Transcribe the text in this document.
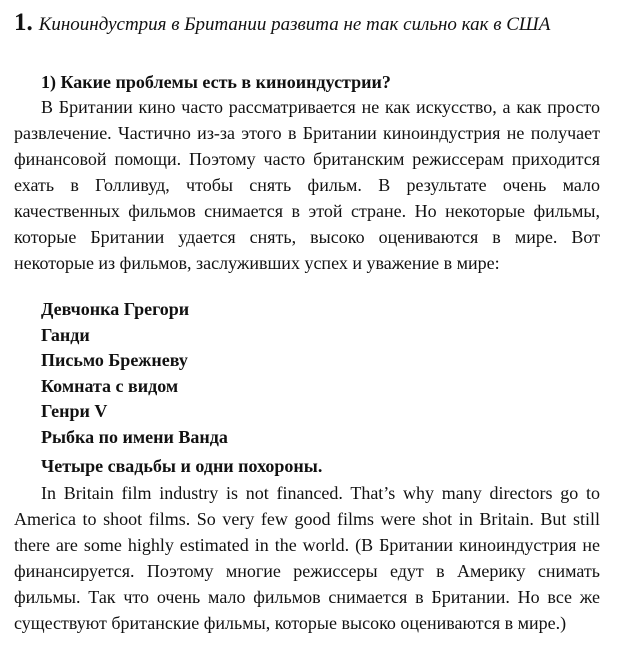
1. Киноиндустрия в Британии развита не так сильно как в США
1) Какие проблемы есть в киноиндустрии?

В Британии кино часто рассматривается не как искусство, а как просто развлечение. Частично из-за этого в Британии киноиндустрия не получает финансовой помощи. Поэтому часто британским режиссерам приходится ехать в Голливуд, чтобы снять фильм. В результате очень мало качественных фильмов снимается в этой стране. Но некоторые фильмы, которые Британии удается снять, высоко оцениваются в мире. Вот некоторые из фильмов, заслуживших успех и уважение в мире:

Девчонка Грегори
Ганди
Письмо Брежневу
Комната с видом
Генри V
Рыбка по имени Ванда
Четыре свадьбы и одни похороны.

In Britain film industry is not financed. That’s why many directors go to America to shoot films. So very few good films were shot in Britain. But still there are some highly estimated in the world. (В Британии киноиндустрия не финансируется. Поэтому многие режиссеры едут в Америку снимать фильмы. Так что очень мало фильмов снимается в Британии. Но все же существуют британские фильмы, которые высоко оцениваются в мире.)
